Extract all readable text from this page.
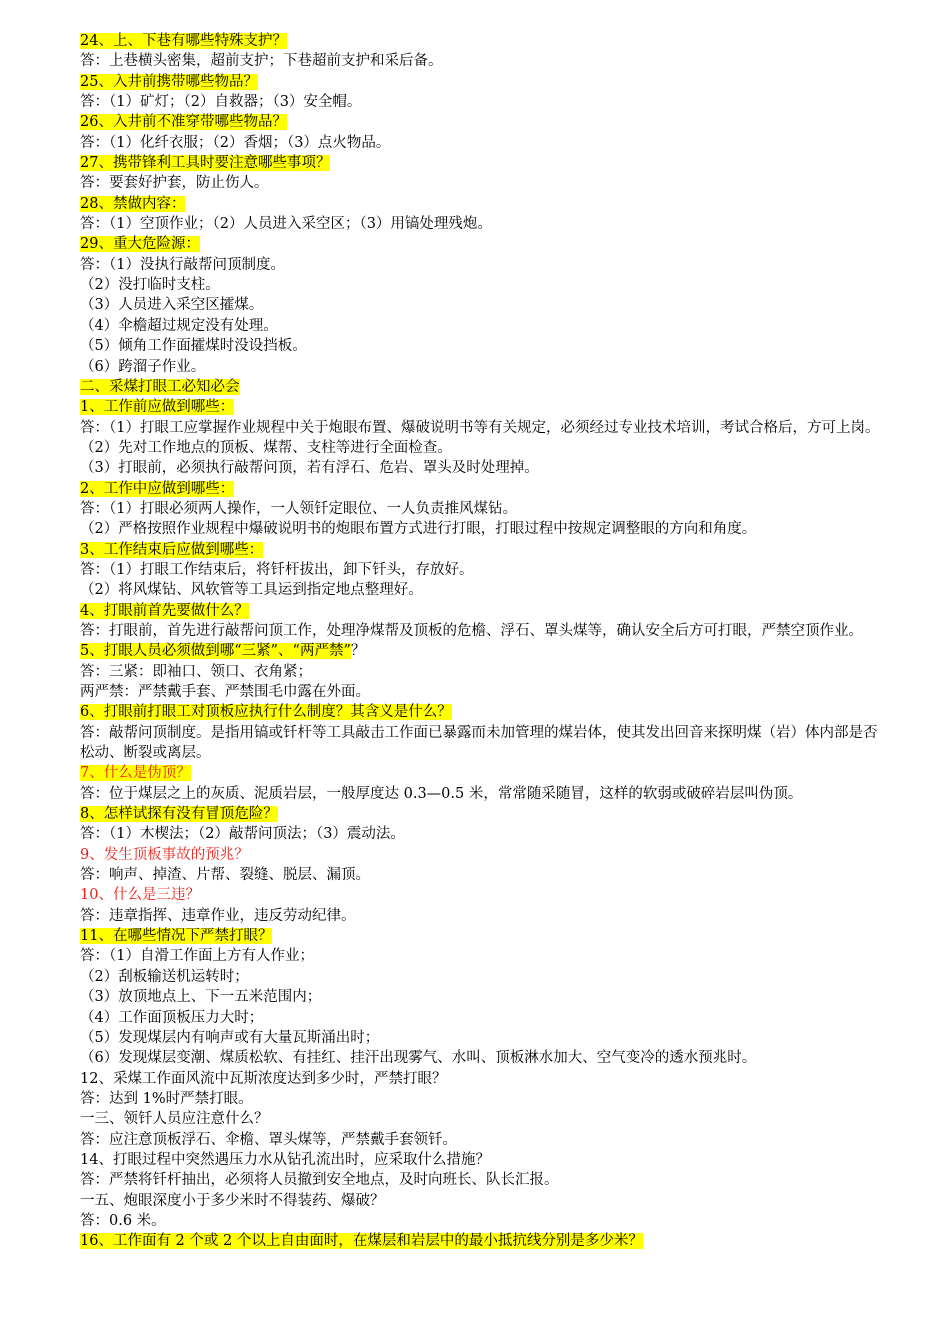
24、上、下巷有哪些特殊支护？
答：上巷横头密集，超前支护；下巷超前支护和采后备。
25、入井前携带哪些物品？
答：（1）矿灯；（2）自救器；（3）安全帽。
26、入井前不准穿带哪些物品？
答：（1）化纤衣服；（2）香烟；（3）点火物品。
27、携带锋利工具时要注意哪些事项？
答：要套好护套，防止伤人。
28、禁做内容：
答：（1）空顶作业；（2）人员进入采空区；（3）用镐处理残炮。
29、重大危险源：
答：（1）没执行敲帮问顶制度。
（2）没打临时支柱。
（3）人员进入采空区攉煤。
（4）伞檐超过规定没有处理。
（5）倾角工作面攉煤时没设挡板。
（6）跨溜子作业。
二、采煤打眼工必知必会
1、工作前应做到哪些：
答：（1）打眼工应掌握作业规程中关于炮眼布置、爆破说明书等有关规定，必须经过专业技术培训，考试合格后，方可上岗。
（2）先对工作地点的顶板、煤帮、支柱等进行全面检查。
（3）打眼前，必须执行敲帮问顶，若有浮石、危岩、罩头及时处理掉。
2、工作中应做到哪些：
答：（1）打眼必须两人操作，一人领钎定眼位、一人负责推风煤钻。
（2）严格按照作业规程中爆破说明书的炮眼布置方式进行打眼，打眼过程中按规定调整眼的方向和角度。
3、工作结束后应做到哪些：
答：（1）打眼工作结束后，将钎杆拔出，卸下钎头，存放好。
（2）将风煤钻、风软管等工具运到指定地点整理好。
4、打眼前首先要做什么？
答：打眼前，首先进行敲帮问顶工作，处理净煤帮及顶板的危檐、浮石、罩头煤等，确认安全后方可打眼，严禁空顶作业。
5、打眼人员必须做到哪“三紧”、“两严禁”？
答：三紧：即袖口、领口、衣角紧；
两严禁：严禁戴手套、严禁围毛巾露在外面。
6、打眼前打眼工对顶板应执行什么制度？其含义是什么？
答：敲帮问顶制度。是指用镐或钎杆等工具敲击工作面已暴露而未加管理的煤岩体，使其发出回音来探明煤（岩）体内部是否松动、断裂或离层。
7、什么是伪顶？
答：位于煤层之上的灰质、泥质岩层，一般厚度达 0.3—0.5 米，常常随采随冒，这样的软弱或破碎岩层叫伪顶。
8、怎样试探有没有冒顶危险？
答：（1）木楔法；（2）敲帮问顶法；（3）震动法。
9、发生顶板事故的预兆？
答：响声、掉渣、片帮、裂缝、脱层、漏顶。
10、什么是三违？
答：违章指挥、违章作业，违反劳动纪律。
11、在哪些情况下严禁打眼？
答：（1）自滑工作面上方有人作业；
（2）刮板输送机运转时；
（3）放顶地点上、下一五米范围内；
（4）工作面顶板压力大时；
（5）发现煤层内有响声或有大量瓦斯涌出时；
（6）发现煤层变潮、煤质松软、有挂红、挂汗出现雾气、水叫、顶板淋水加大、空气变冷的透水预兆时。
12、采煤工作面风流中瓦斯浓度达到多少时，严禁打眼？
答：达到 1%时严禁打眼。
一三、领钎人员应注意什么？
答：应注意顶板浮石、伞檐、罩头煤等，严禁戴手套领钎。
14、打眼过程中突然遇压力水从钻孔流出时，应采取什么措施？
答：严禁将钎杆抽出，必须将人员撤到安全地点，及时向班长、队长汇报。
一五、炮眼深度小于多少米时不得装药、爆破？
答：0.6 米。
16、工作面有 2 个或 2 个以上自由面时，在煤层和岩层中的最小抵抗线分别是多少米？
